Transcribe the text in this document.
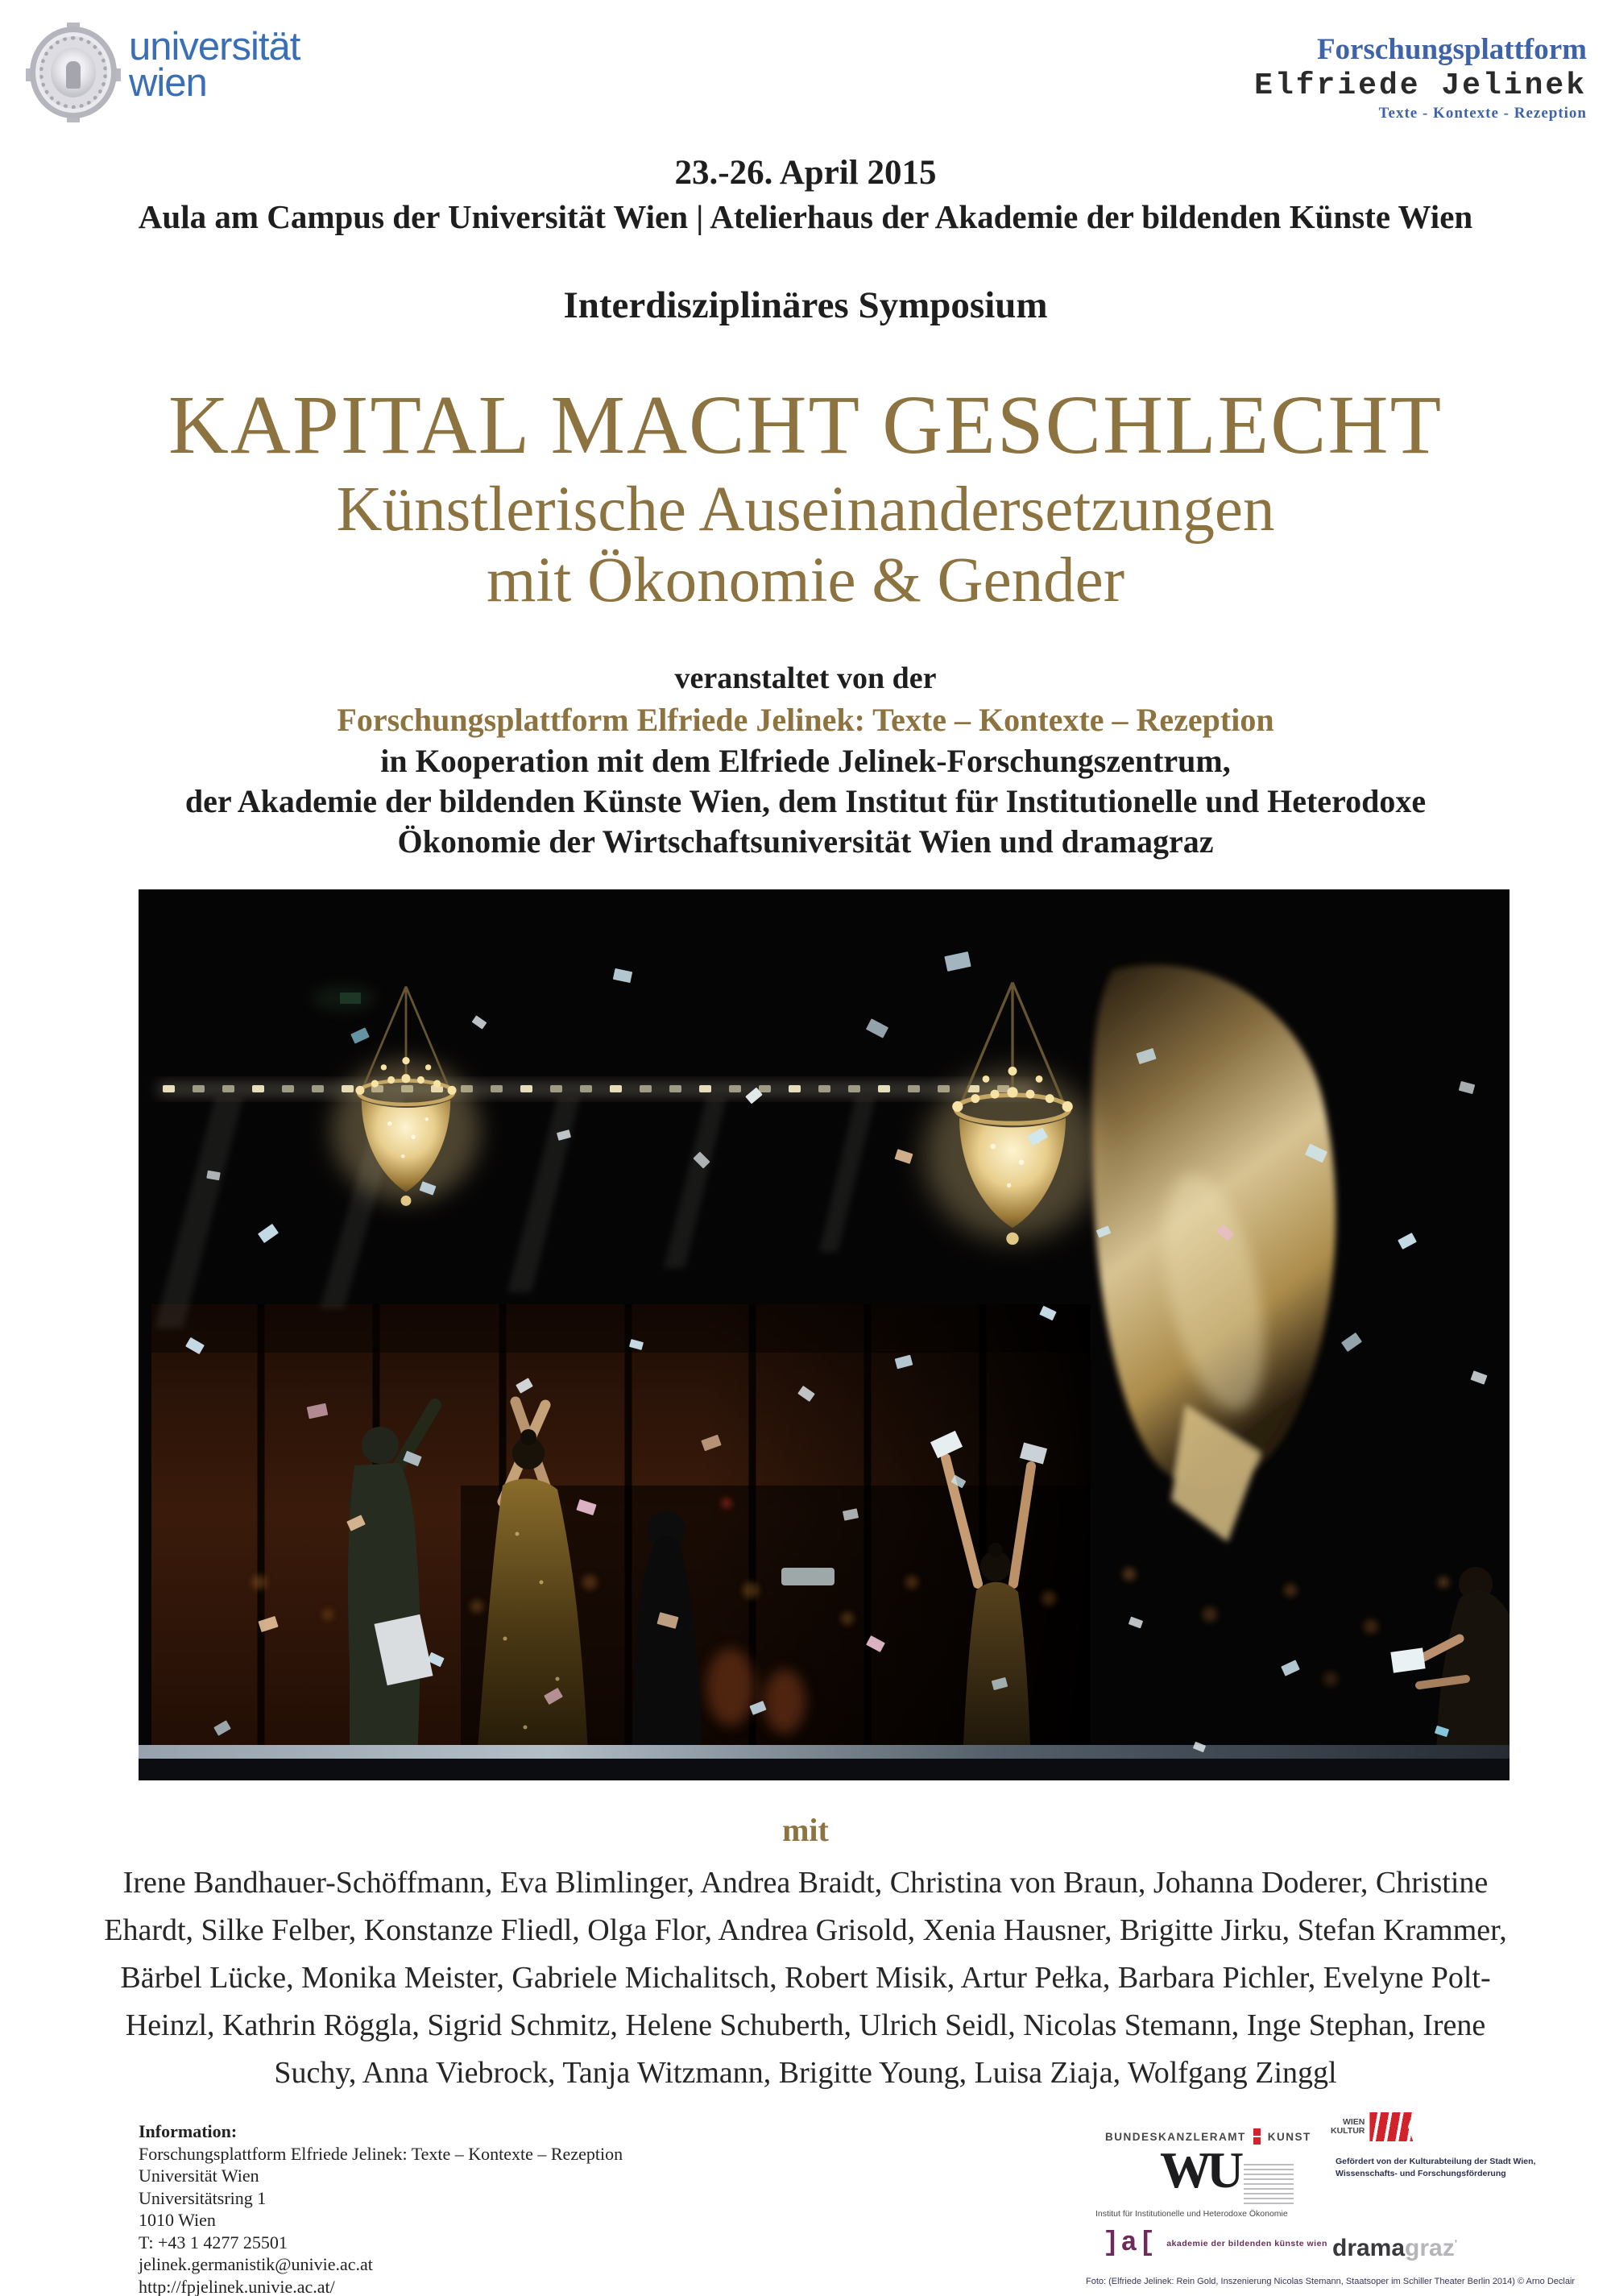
universität
wien
Forschungsplattform
Elfriede Jelinek
Texte - Kontexte - Rezeption
23.-26. April 2015
Aula am Campus der Universität Wien | Atelierhaus der Akademie der bildenden Künste Wien
Interdisziplinäres Symposium
KAPITAL MACHT GESCHLECHT
Künstlerische Auseinandersetzungen
mit Ökonomie & Gender
veranstaltet von der
Forschungsplattform Elfriede Jelinek: Texte – Kontexte – Rezeption
in Kooperation mit dem Elfriede Jelinek-Forschungszentrum,
der Akademie der bildenden Künste Wien, dem Institut für Institutionelle und Heterodoxe
Ökonomie der Wirtschaftsuniversität Wien und dramagraz
mit
Irene Bandhauer-Schöffmann, Eva Blimlinger, Andrea Braidt, Christina von Braun, Johanna Doderer, Christine
Ehardt, Silke Felber, Konstanze Fliedl, Olga Flor, Andrea Grisold, Xenia Hausner, Brigitte Jirku, Stefan Krammer,
Bärbel Lücke, Monika Meister, Gabriele Michalitsch, Robert Misik, Artur Pełka, Barbara Pichler, Evelyne Polt-
Heinzl, Kathrin Röggla, Sigrid Schmitz, Helene Schuberth, Ulrich Seidl, Nicolas Stemann, Inge Stephan, Irene
Suchy, Anna Viebrock, Tanja Witzmann, Brigitte Young, Luisa Ziaja, Wolfgang Zinggl
Information:
Forschungsplattform Elfriede Jelinek: Texte – Kontexte – Rezeption
Universität Wien
Universitätsring 1
1010 Wien
T: +43 1 4277 25501
jelinek.germanistik@univie.ac.at
http://fpjelinek.univie.ac.at/
BUNDESKANZLERAMT KUNST
WIEN
KULTUR
Gefördert von der Kulturabteilung der Stadt Wien,
Wissenschafts- und Forschungsförderung
WU
Institut für Institutionelle und Heterodoxe Ökonomie
]a[ akademie der bildenden künste wien dramagraz’
Foto: (Elfriede Jelinek: Rein Gold, Inszenierung Nicolas Stemann, Staatsoper im Schiller Theater Berlin 2014) © Arno Declair
